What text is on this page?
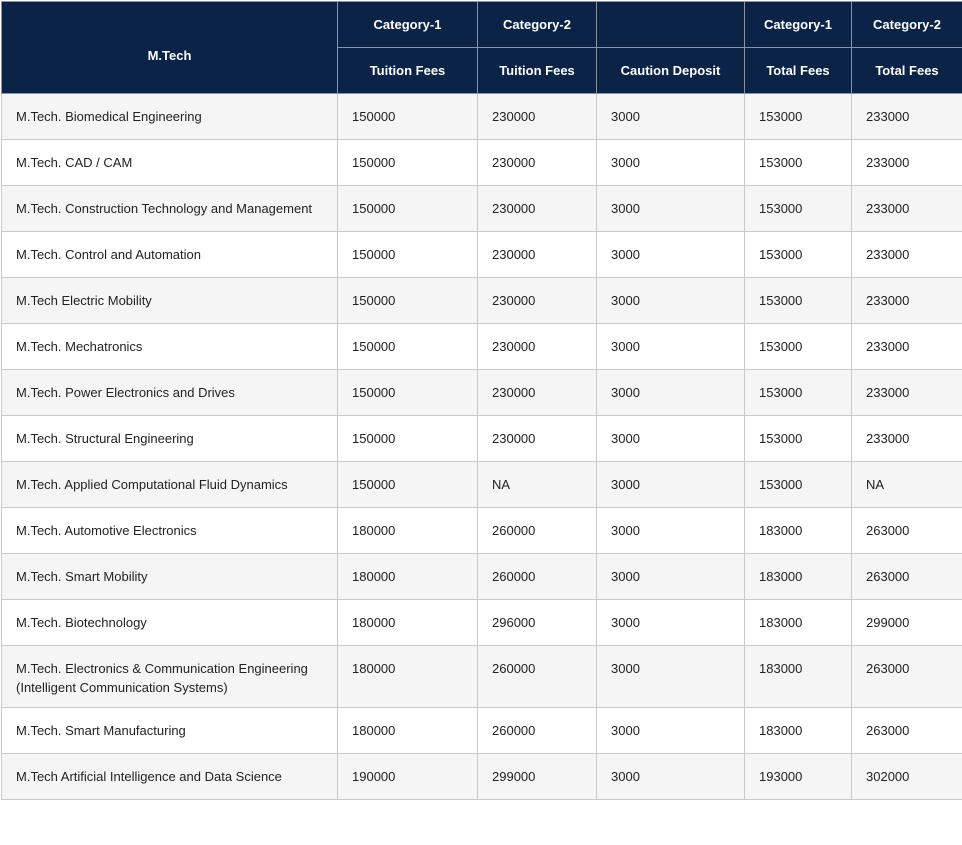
M.Tech	Category-1	Category-2		Category-1	Category-2
	Tuition Fees	Tuition Fees	Caution Deposit	Total Fees	Total Fees
M.Tech. Biomedical Engineering	150000	230000	3000	153000	233000
M.Tech. CAD / CAM	150000	230000	3000	153000	233000
M.Tech. Construction Technology and Management	150000	230000	3000	153000	233000
M.Tech. Control and Automation	150000	230000	3000	153000	233000
M.Tech Electric Mobility	150000	230000	3000	153000	233000
M.Tech. Mechatronics	150000	230000	3000	153000	233000
M.Tech. Power Electronics and Drives	150000	230000	3000	153000	233000
M.Tech. Structural Engineering	150000	230000	3000	153000	233000
M.Tech. Applied Computational Fluid Dynamics	150000	NA	3000	153000	NA
M.Tech. Automotive Electronics	180000	260000	3000	183000	263000
M.Tech. Smart Mobility	180000	260000	3000	183000	263000
M.Tech. Biotechnology	180000	296000	3000	183000	299000
M.Tech. Electronics & Communication Engineering (Intelligent Communication Systems)	180000	260000	3000	183000	263000
M.Tech. Smart Manufacturing	180000	260000	3000	183000	263000
M.Tech Artificial Intelligence and Data Science	190000	299000	3000	193000	302000
